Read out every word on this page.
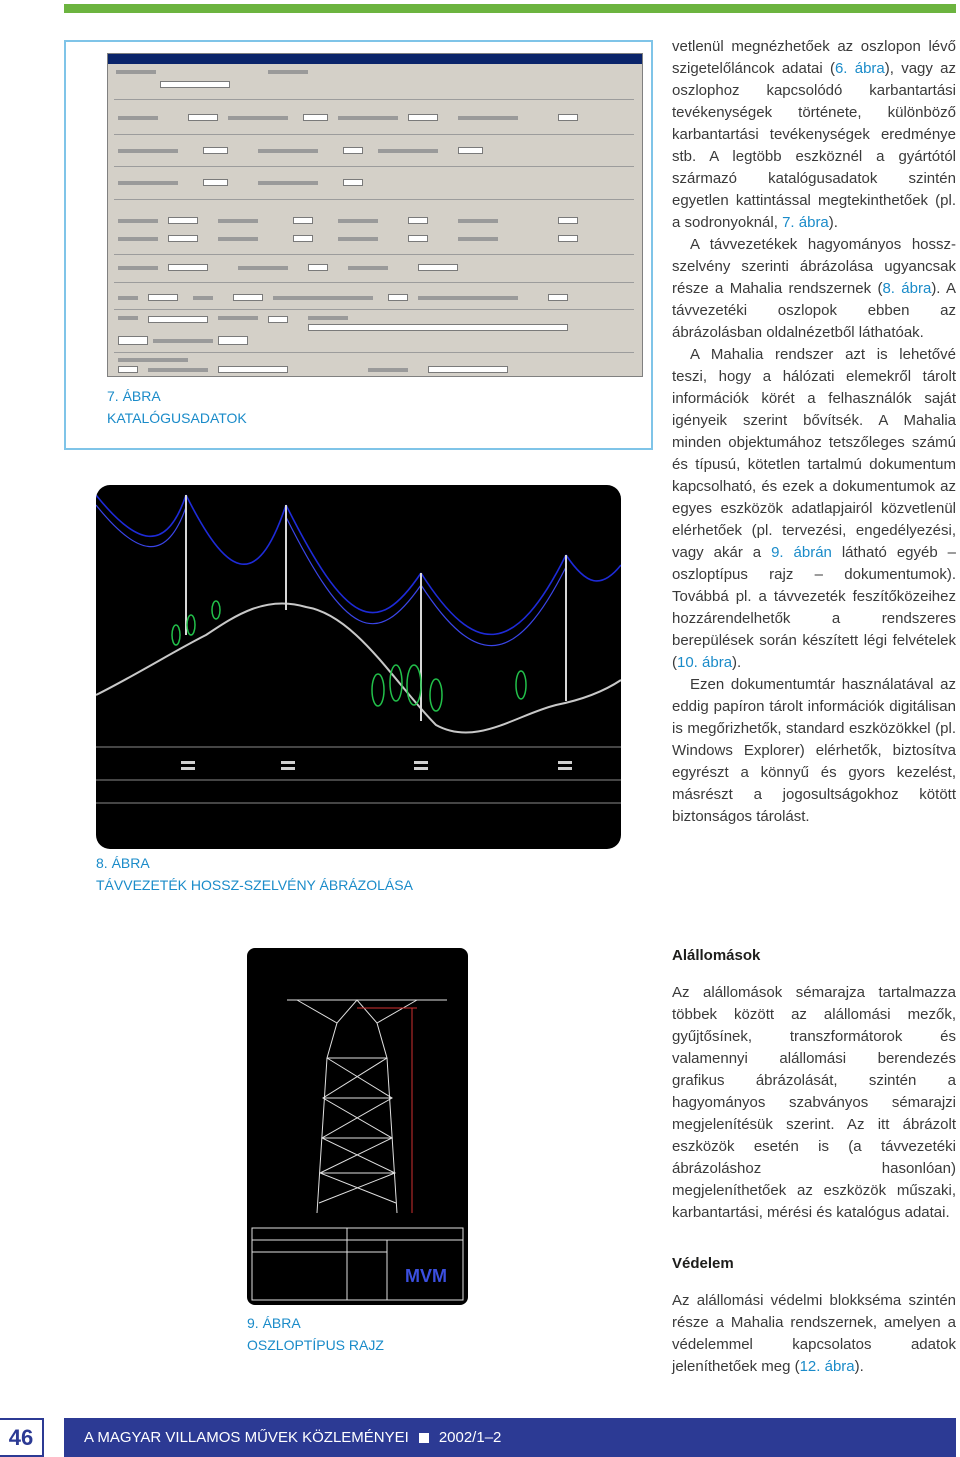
7. ÁBRA
KATALÓGUSADATOK
8. ÁBRA
TÁVVEZETÉK HOSSZ-SZELVÉNY ÁBRÁZOLÁSA
MVM
9. ÁBRA
OSZLOPTÍPUS RAJZ

vetlenül megnézhetőek az oszlopon lévő szigetelőláncok adatai (6. ábra), vagy az oszlophoz kapcsolódó karbantartási tevékenységek története, különböző karbantartási tevékenységek eredménye stb. A legtöbb eszköznél a gyártótól származó katalógusadatok szintén egyetlen kattintással megtekinthetőek (pl. a sodronyoknál, 7. ábra).

A távvezetékek hagyományos hossz-szelvény szerinti ábrázolása ugyancsak része a Mahalia rendszernek (8. ábra). A távvezetéki oszlopok ebben az ábrázolásban oldalnézetből láthatóak.

A Mahalia rendszer azt is lehetővé teszi, hogy a hálózati elemekről tárolt információk körét a felhasználók saját igényeik szerint bővítsék. A Mahalia minden objektumához tetszőleges számú és típusú, kötetlen tartalmú dokumentum kapcsolható, és ezek a dokumentumok az egyes eszközök adatlapjairól közvetlenül elérhetőek (pl. tervezési, engedélyezési, vagy akár a 9. ábrán látható egyéb – oszloptípus rajz – dokumentumok). Továbbá pl. a távvezeték feszítőközeihez hozzárendelhetők a rendszeres berepülések során készített légi felvételek (10. ábra).

Ezen dokumentumtár használatával az eddig papíron tárolt információk digitálisan is megőrizhetők, standard eszközökkel (pl. Windows Explorer) elérhetők, biztosítva egyrészt a könnyű és gyors kezelést, másrészt a jogosultságokhoz kötött biztonságos tárolást.

Alállomások

Az alállomások sémarajza tartalmazza többek között az alállomási mezők, gyűjtősínek, transzformátorok és valamennyi alállomási berendezés grafikus ábrázolását, szintén a hagyományos szabványos sémarajzi megjelenítésük szerint. Az itt ábrázolt eszközök esetén is (a távvezetéki ábrázoláshoz hasonlóan) megjeleníthetőek az eszközök műszaki, karbantartási, mérési és katalógus adatai.

Védelem

Az alállomási védelmi blokkséma szintén része a Mahalia rendszernek, amelyen a védelemmel kapcsolatos adatok jeleníthetőek meg (12. ábra).

46	A MAGYAR VILLAMOS MŰVEK KÖZLEMÉNYEI 2002/1–2
